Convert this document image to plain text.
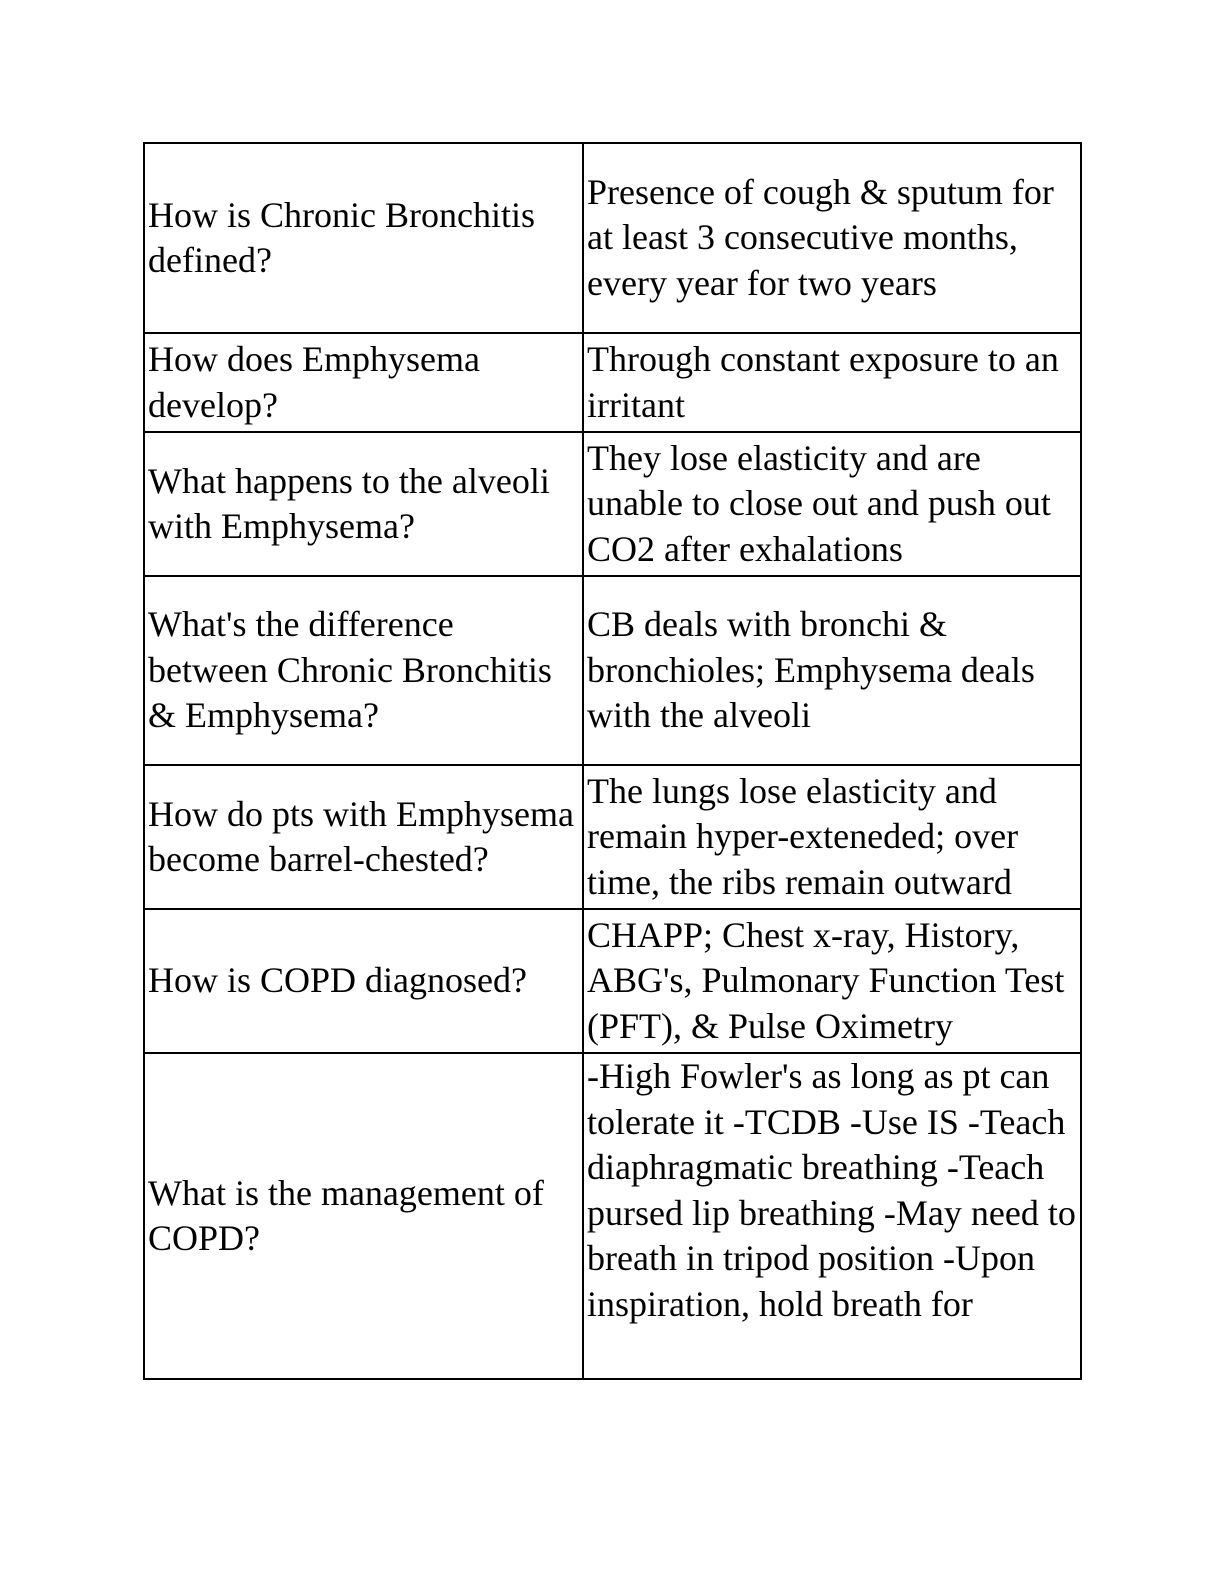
How is Chronic Bronchitis defined?	Presence of cough & sputum for at least 3 consecutive months, every year for two years
How does Emphysema develop?	Through constant exposure to an irritant
What happens to the alveoli with Emphysema?	They lose elasticity and are unable to close out and push out CO2 after exhalations
What's the difference between Chronic Bronchitis & Emphysema?	CB deals with bronchi & bronchioles; Emphysema deals with the alveoli
How do pts with Emphysema become barrel-chested?	The lungs lose elasticity and remain hyper-exteneded; over time, the ribs remain outward
How is COPD diagnosed?	CHAPP; Chest x-ray, History, ABG's, Pulmonary Function Test (PFT), & Pulse Oximetry
What is the management of COPD?	-High Fowler's as long as pt can tolerate it -TCDB -Use IS -Teach diaphragmatic breathing -Teach pursed lip breathing -May need to breath in tripod position -Upon inspiration, hold breath for
